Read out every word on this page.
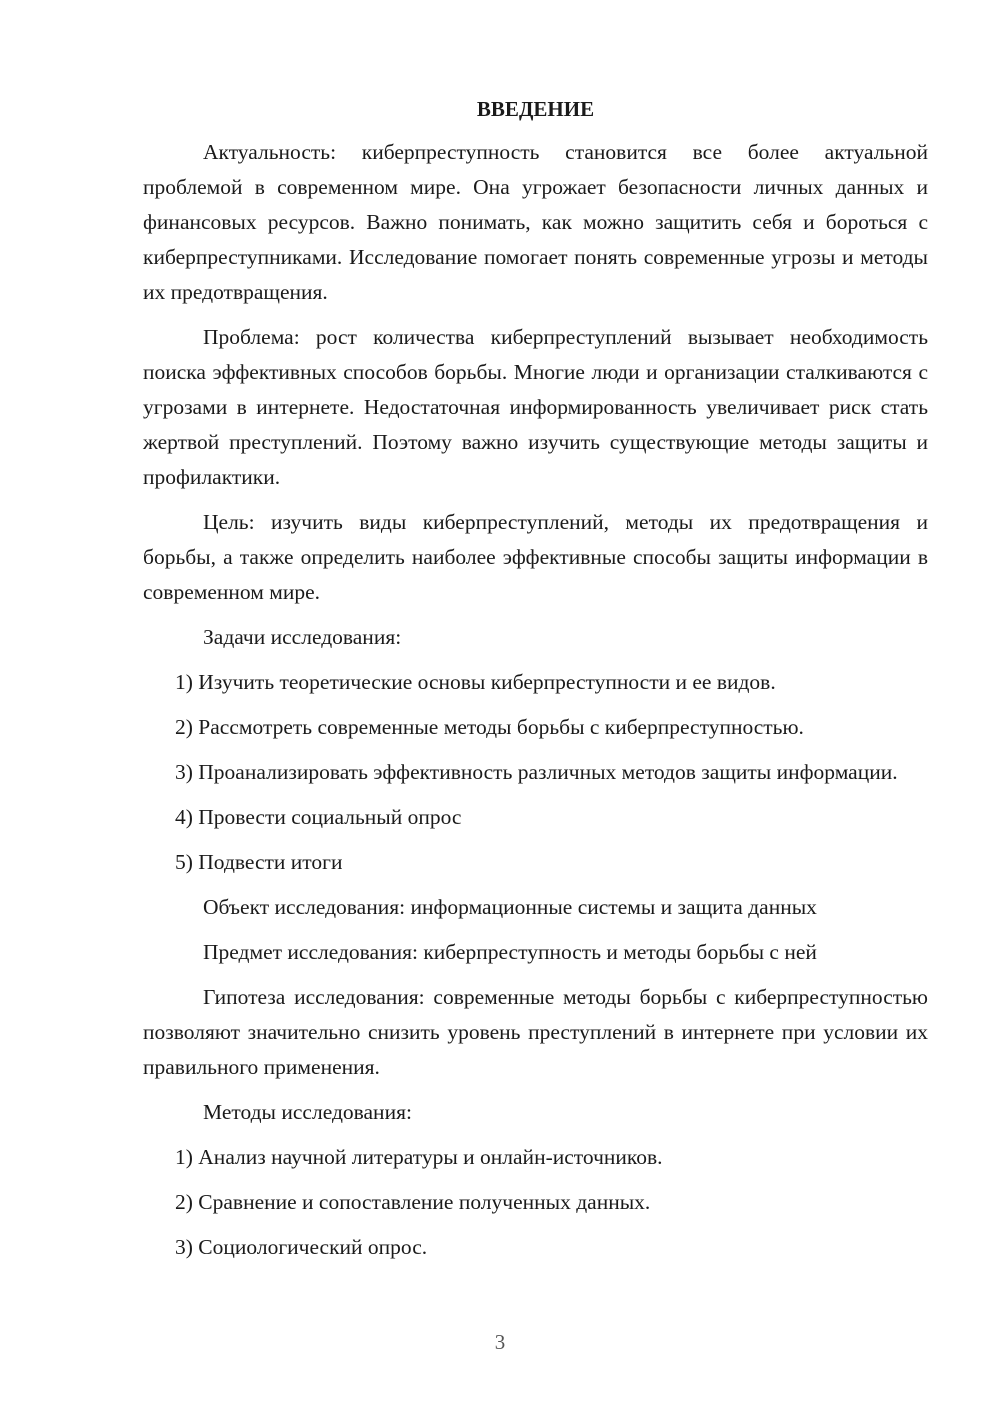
ВВЕДЕНИЕ

Актуальность: киберпреступность становится все более актуальной проблемой в современном мире. Она угрожает безопасности личных данных и финансовых ресурсов. Важно понимать, как можно защитить себя и бороться с киберпреступниками. Исследование помогает понять современные угрозы и методы их предотвращения.

Проблема: рост количества киберпреступлений вызывает необходимость поиска эффективных способов борьбы. Многие люди и организации сталкиваются с угрозами в интернете. Недостаточная информированность увеличивает риск стать жертвой преступлений. Поэтому важно изучить существующие методы защиты и профилактики.

Цель: изучить виды киберпреступлений, методы их предотвращения и борьбы, а также определить наиболее эффективные способы защиты информации в современном мире.

Задачи исследования:

1) Изучить теоретические основы киберпреступности и ее видов.

2) Рассмотреть современные методы борьбы с киберпреступностью.

3) Проанализировать эффективность различных методов защиты информации.

4) Провести социальный опрос

5) Подвести итоги

Объект исследования: информационные системы и защита данных

Предмет исследования: киберпреступность и методы борьбы с ней

Гипотеза исследования: современные методы борьбы с киберпреступностью позволяют значительно снизить уровень преступлений в интернете при условии их правильного применения.

Методы исследования:

1) Анализ научной литературы и онлайн-источников.

2) Сравнение и сопоставление полученных данных.

3) Социологический опрос.

3
